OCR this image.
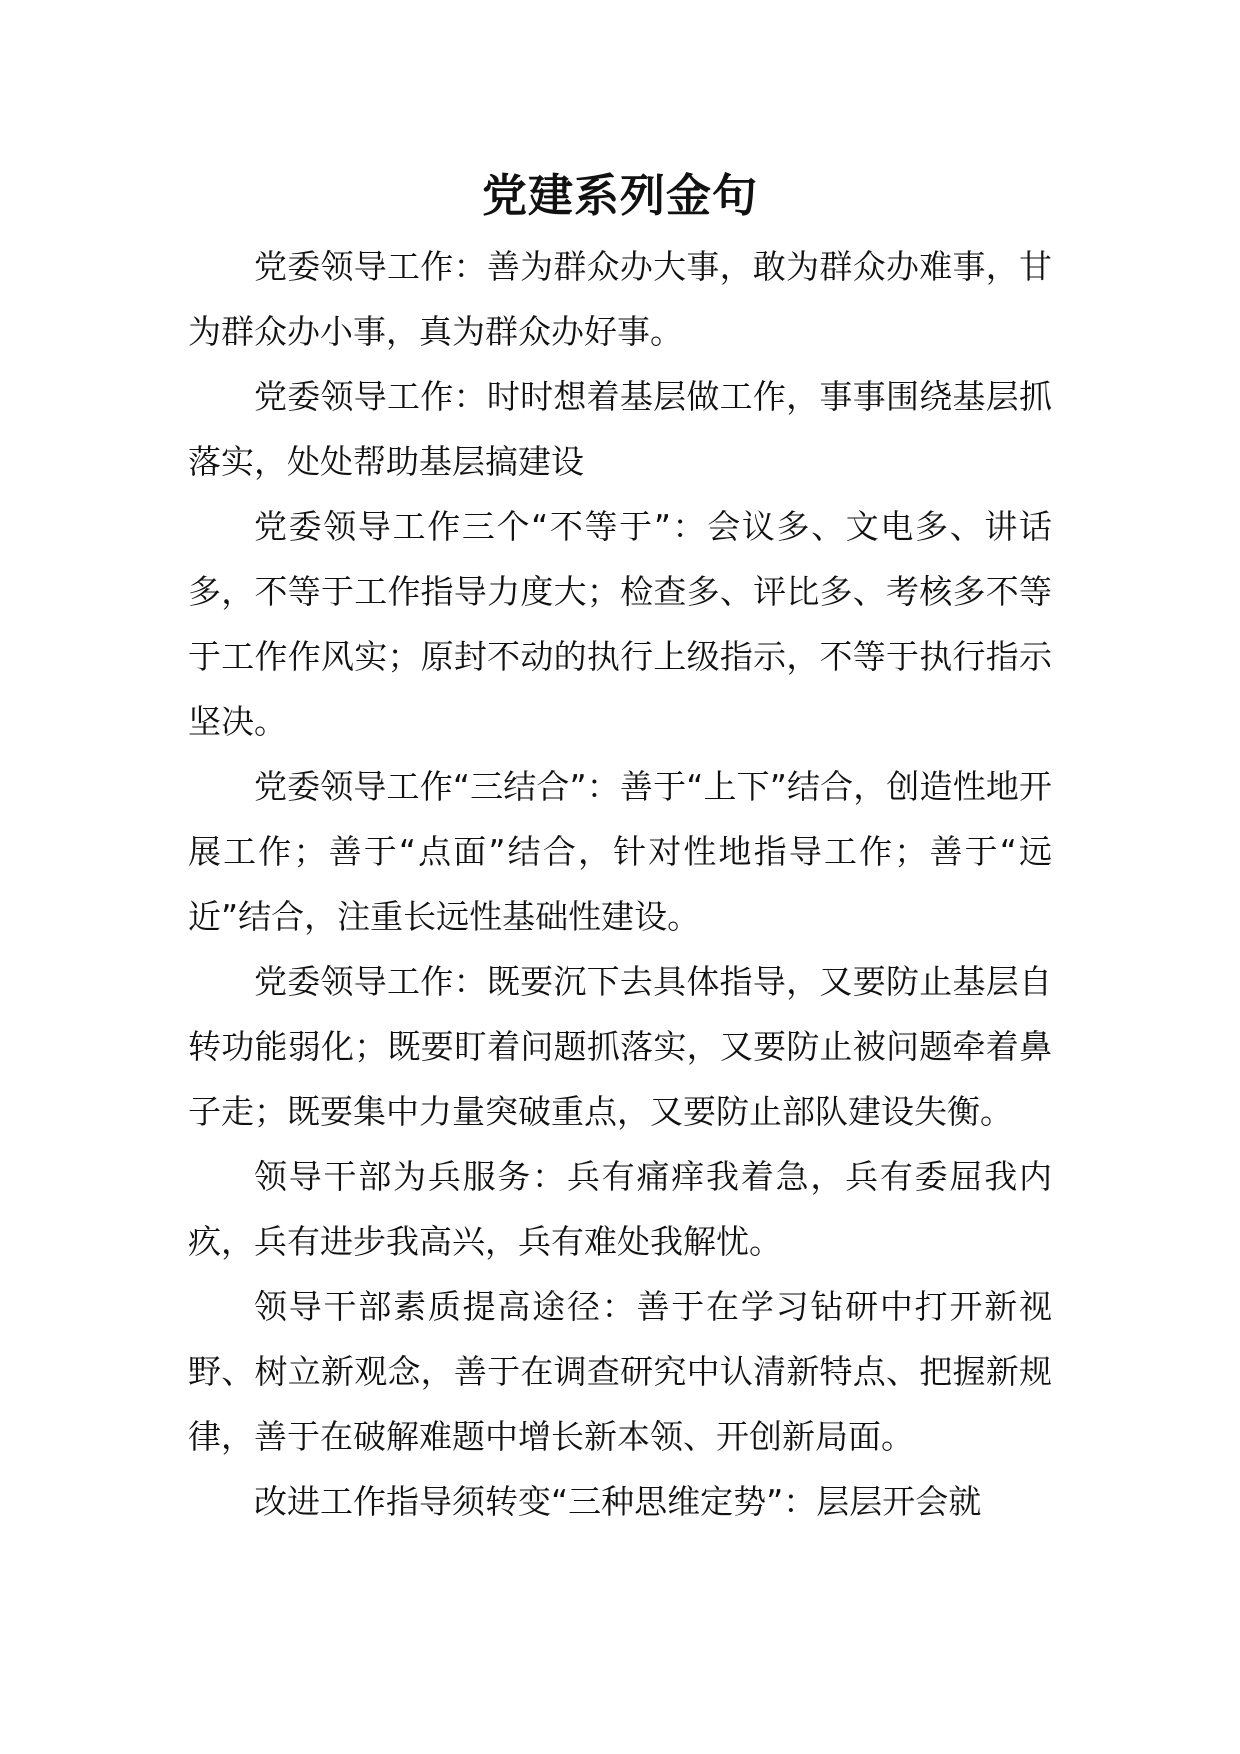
党建系列金句

党委领导工作：善为群众办大事，敢为群众办难事，甘为群众办小事，真为群众办好事。

党委领导工作：时时想着基层做工作，事事围绕基层抓落实，处处帮助基层搞建设

党委领导工作三个“不等于”：会议多、文电多、讲话多，不等于工作指导力度大；检查多、评比多、考核多不等于工作作风实；原封不动的执行上级指示，不等于执行指示坚决。

党委领导工作“三结合”：善于“上下”结合，创造性地开展工作；善于“点面”结合，针对性地指导工作；善于“远近”结合，注重长远性基础性建设。

党委领导工作：既要沉下去具体指导，又要防止基层自转功能弱化；既要盯着问题抓落实，又要防止被问题牵着鼻子走；既要集中力量突破重点，又要防止部队建设失衡。

领导干部为兵服务：兵有痛痒我着急，兵有委屈我内疚，兵有进步我高兴，兵有难处我解忧。

领导干部素质提高途径：善于在学习钻研中打开新视野、树立新观念，善于在调查研究中认清新特点、把握新规律，善于在破解难题中增长新本领、开创新局面。

改进工作指导须转变“三种思维定势”：层层开会就
